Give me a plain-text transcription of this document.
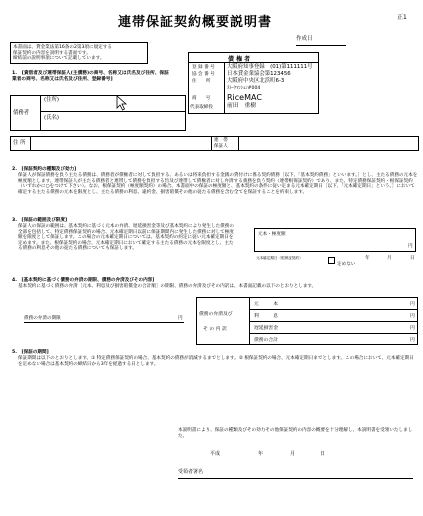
連帯保証契約概要説明書	正1
作成日
本書面は、貸金業法第16条の2第3項に規定する
保証契約の内容を説明する書面です。
締結前の説明事項について記載しています。	債 権 者
登 録 番 号 大阪府知事登録　(01)第111111号
協 会 番 号 日本貸金業協会第123456
住　　所	大阪府中央区北浜町6-3
ｽﾄｰｸﾏﾝｼｮﾝ#004
商　　号 RiceMAC
代表取締役 前田　重樹
1.　[貸借者及び連帯保証人(主債務)の商号、名称又は氏名及び住所、保証業者の商号、名称又は氏名及び住所、登録番号]
債務者
(住所)
(氏名)
住 所	連　帯
保証人
2.　[保証契約の種類及び効力]
保証人が保証債務を負う主たる債務は、債務者が債権者に対して負担する、あるいは将来負担する金銭の貸付けに係る契約債務［以下、「基本契約債務」といいます。］とし、主たる債務の元本を極度額とします。連帯保証人が主たる債務者と連帯して債務を負担する旨及び連帯して債権者に対し弁済する義務を負う契約（連帯根保証契約）であり、また、特定債務保証契約・根保証契約（いずれかに○をつけて下さい）。なお、根保証契約（極度額契約）の場合、本書面中の保証の極度額と、基本契約の条件に従い定まる元本確定期日［以下、「元本確定期日」という。］において確定する主たる債務の元本を限度とし、主たる債務の利息、違約金、損害賠償その他の従たる債務を含む全てを保証することを約束します。
3.　[保証の範囲及び限度]
保証人の保証の範囲は、基本契約に基づく元本の弁済、遅延損害金等及び基本契約により発生した債務の全部を包括して、特定債務保証契約の場合、元本確定期日以前に保証期間内に発生した債務に対して極度額を限度として保証します。この場合の元本確定期日については、基本契約の約定に従い元本確定期日を定めます。また、根保証契約の場合、元本確定期日において確定する主たる債務の元本を限度とし、主たる債務の利息その他の従たる債務についても保証します。
元本・極度額
円
元本確定期日（根保証契約）
定めない
年	月	日
4.　[基本契約に基づく債務の弁済の期限、債務の弁済及びその内容]
基本契約に基づく債務の弁済［元本、利息及び損害賠償金の合計額］の期限、債務の弁済及びその内訳は、本書面記載の以下のとおりとします。
債務の弁済の期限	円
債務の弁済及び
そ の 内 訳
元　　　本	円
利　　　息	円
遅延損害金	円
債務の合計	円
5.　[保証の期間]
保証期間は以下のとおりとします。① 特定債務保証契約の場合、基本契約の債務が消滅するまでとします。② 根保証契約の場合、元本確定期日までとします。この場合において、元本確定期日を定めない場合は基本契約の締結日から3年を経過する日とします。
本説明書により、保証の種類及びその効力その他保証契約の内容の概要を十分理解し、本説明書を受領いたしました。
平成	年	月	日
受領者署名
